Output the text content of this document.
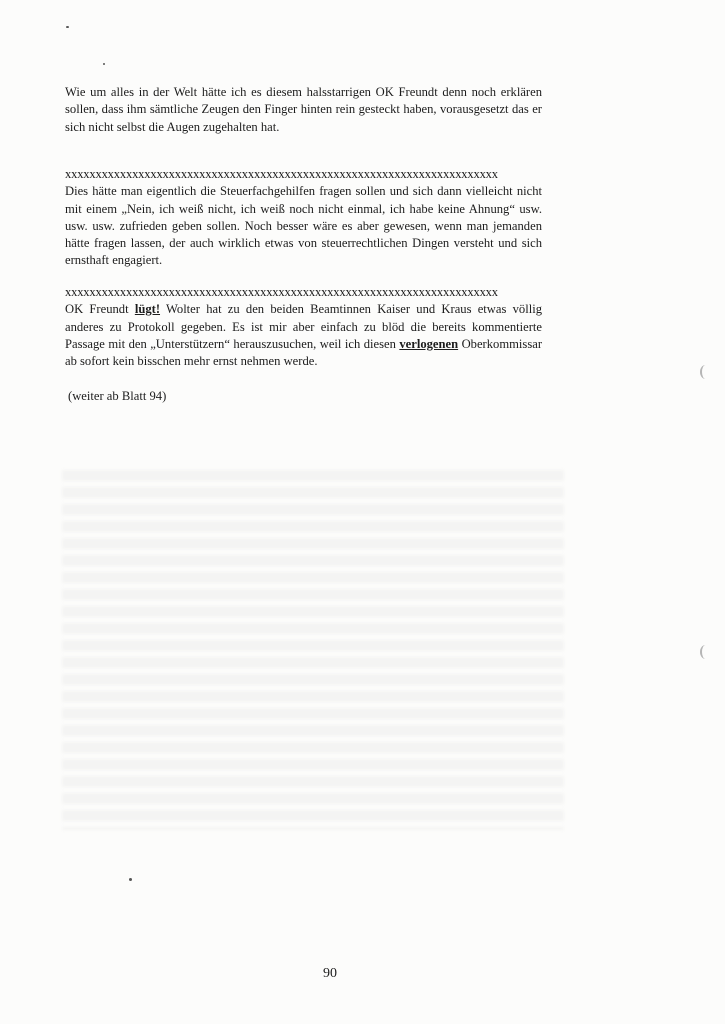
Wie um alles in der Welt hätte ich es diesem halsstarrigen OK Freundt denn noch erklären sollen, dass ihm sämtliche Zeugen den Finger hinten rein gesteckt haben, vorausgesetzt das er sich nicht selbst die Augen zugehalten hat.

xxxxxxxxxxxxxxxxxxxxxxxxxxxxxxxxxxxxxxxxxxxxxxxxxxxxxxxxxxxxxxxxxxxxxxx
Dies hätte man eigentlich die Steuerfachgehilfen fragen sollen und sich dann vielleicht nicht mit einem „Nein, ich weiß nicht, ich weiß noch nicht einmal, ich habe keine Ahnung“ usw. usw. usw. zufrieden geben sollen. Noch besser wäre es aber gewesen, wenn man jemanden hätte fragen lassen, der auch wirklich etwas von steuerrechtlichen Dingen versteht und sich ernsthaft engagiert.

xxxxxxxxxxxxxxxxxxxxxxxxxxxxxxxxxxxxxxxxxxxxxxxxxxxxxxxxxxxxxxxxxxxxxxx
OK Freundt lügt! Wolter hat zu den beiden Beamtinnen Kaiser und Kraus etwas völlig anderes zu Protokoll gegeben. Es ist mir aber einfach zu blöd die bereits kommentierte Passage mit den „Unterstützern“ herauszusuchen, weil ich diesen verlogenen Oberkommissar ab sofort kein bisschen mehr ernst nehmen werde.

(weiter ab Blatt 94)
90
